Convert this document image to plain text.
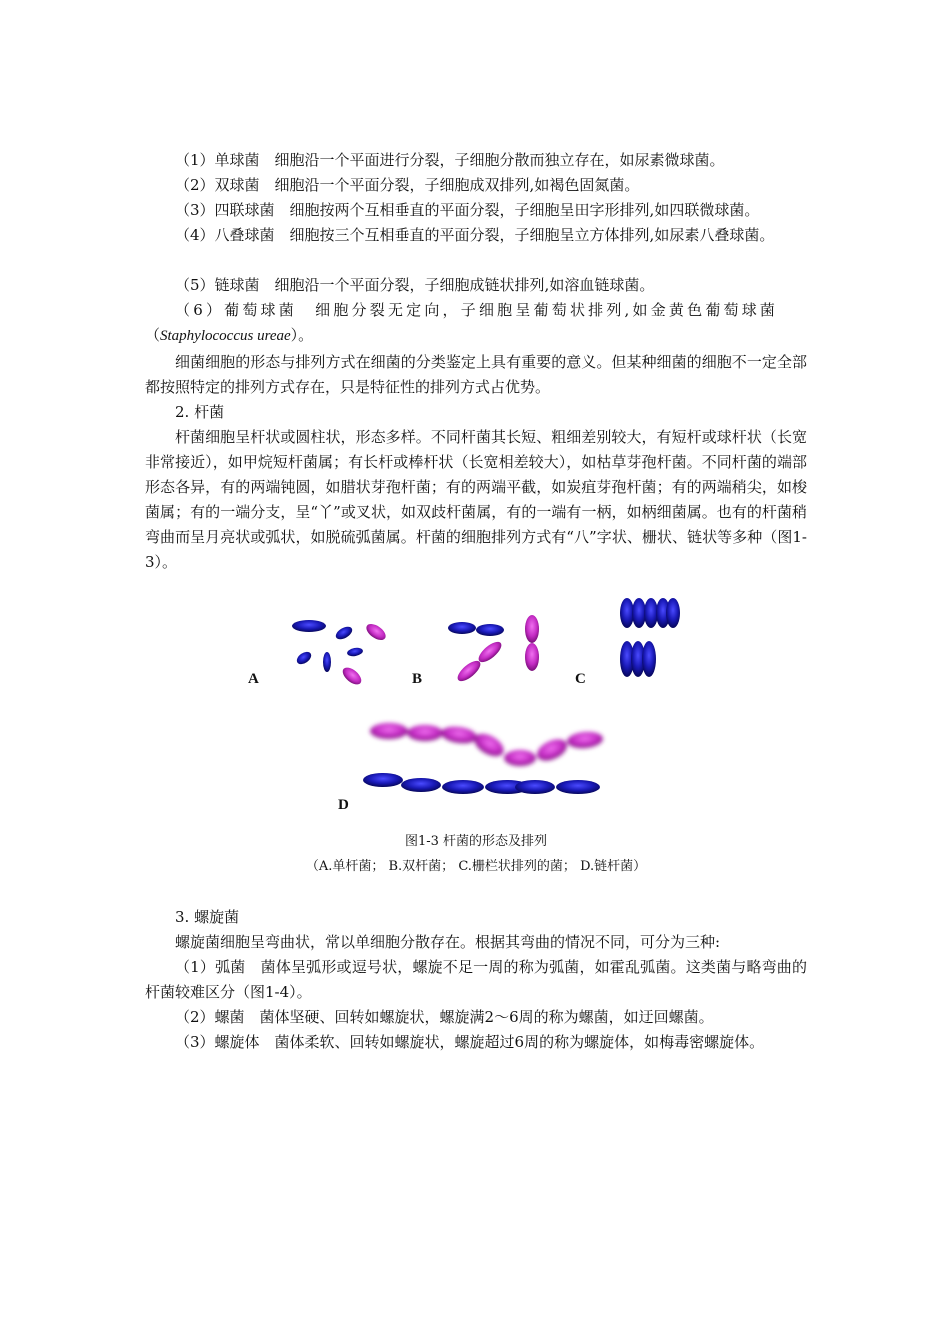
（1）单球菌　细胞沿一个平面进行分裂，子细胞分散而独立存在，如尿素微球菌。

（2）双球菌　细胞沿一个平面分裂，子细胞成双排列,如褐色固氮菌。

（3）四联球菌　细胞按两个互相垂直的平面分裂，子细胞呈田字形排列,如四联微球菌。

（4）八叠球菌　细胞按三个互相垂直的平面分裂，子细胞呈立方体排列,如尿素八叠球菌。

（5）链球菌　细胞沿一个平面分裂，子细胞成链状排列,如溶血链球菌。

（6）葡萄球菌　细胞分裂无定向，子细胞呈葡萄状排列,如金黄色葡萄球菌

（Staphylococcus ureae）。

细菌细胞的形态与排列方式在细菌的分类鉴定上具有重要的意义。但某种细菌的细胞不一定全部都按照特定的排列方式存在，只是特征性的排列方式占优势。

2. 杆菌

杆菌细胞呈杆状或圆柱状，形态多样。不同杆菌其长短、粗细差别较大，有短杆或球杆状（长宽非常接近），如甲烷短杆菌属；有长杆或棒杆状（长宽相差较大），如枯草芽孢杆菌。不同杆菌的端部形态各异，有的两端钝圆，如腊状芽孢杆菌；有的两端平截，如炭疽芽孢杆菌；有的两端稍尖，如梭菌属；有的一端分支，呈“丫”或叉状，如双歧杆菌属，有的一端有一柄，如柄细菌属。也有的杆菌稍弯曲而呈月亮状或弧状，如脱硫弧菌属。杆菌的细胞排列方式有“八”字状、栅状、链状等多种（图1-3）。

A	B	C
D

图1-3 杆菌的形态及排列

（A.单杆菌； B.双杆菌； C.栅栏状排列的菌； D.链杆菌）

3. 螺旋菌

螺旋菌细胞呈弯曲状，常以单细胞分散存在。根据其弯曲的情况不同，可分为三种:

（1）弧菌　菌体呈弧形或逗号状，螺旋不足一周的称为弧菌，如霍乱弧菌。这类菌与略弯曲的杆菌较难区分（图1-4）。

（2）螺菌　菌体坚硬、回转如螺旋状，螺旋满2～6周的称为螺菌，如迂回螺菌。

（3）螺旋体　菌体柔软、回转如螺旋状，螺旋超过6周的称为螺旋体，如梅毒密螺旋体。
